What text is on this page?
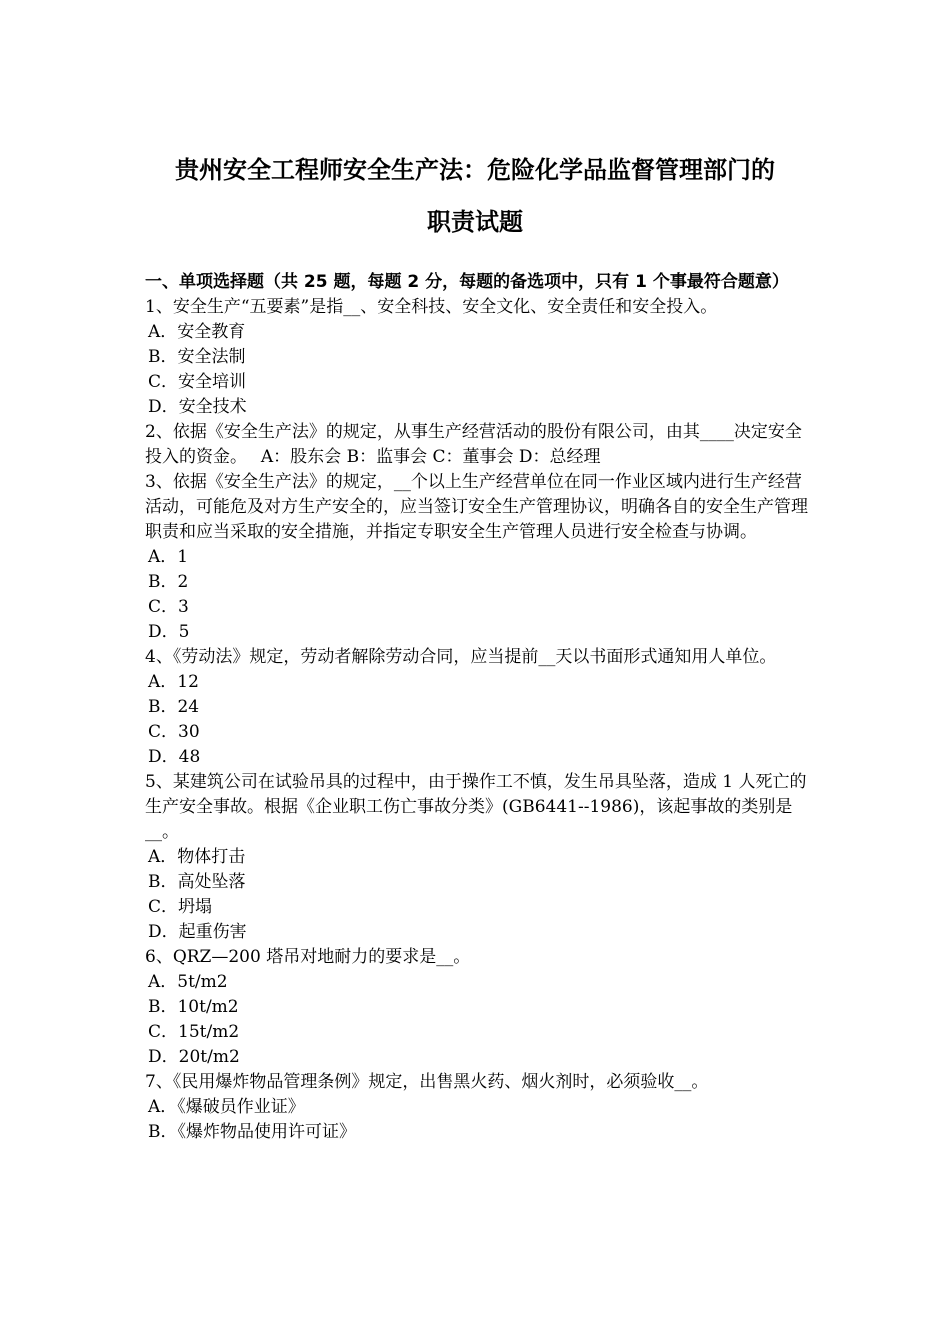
贵州安全工程师安全生产法：危险化学品监督管理部门的
职责试题
一、单项选择题（共 25 题，每题 2 分，每题的备选项中，只有 1 个事最符合题意）
1、安全生产“五要素”是指__、安全科技、安全文化、安全责任和安全投入。
A．安全教育
B．安全法制
C．安全培训
D．安全技术
2、依据《安全生产法》的规定，从事生产经营活动的股份有限公司，由其____决定安全投入的资金。　 A：股东会 B：监事会 C：董事会 D：总经理
3、依据《安全生产法》的规定，__个以上生产经营单位在同一作业区域内进行生产经营活动，可能危及对方生产安全的，应当签订安全生产管理协议，明确各自的安全生产管理职责和应当采取的安全措施，并指定专职安全生产管理人员进行安全检查与协调。
A．1
B．2
C．3
D．5
4、《劳动法》规定，劳动者解除劳动合同，应当提前__天以书面形式通知用人单位。
A．12
B．24
C．30
D．48
5、某建筑公司在试验吊具的过程中，由于操作工不慎，发生吊具坠落，造成 1 人死亡的生产安全事故。根据《企业职工伤亡事故分类》(GB6441--1986)，该起事故的类别是__。
A．物体打击
B．高处坠落
C．坍塌
D．起重伤害
6、QRZ—200 塔吊对地耐力的要求是__。
A．5t/m2
B．10t/m2
C．15t/m2
D．20t/m2
7、《民用爆炸物品管理条例》规定，出售黑火药、烟火剂时，必须验收__。
A．《爆破员作业证》
B．《爆炸物品使用许可证》
